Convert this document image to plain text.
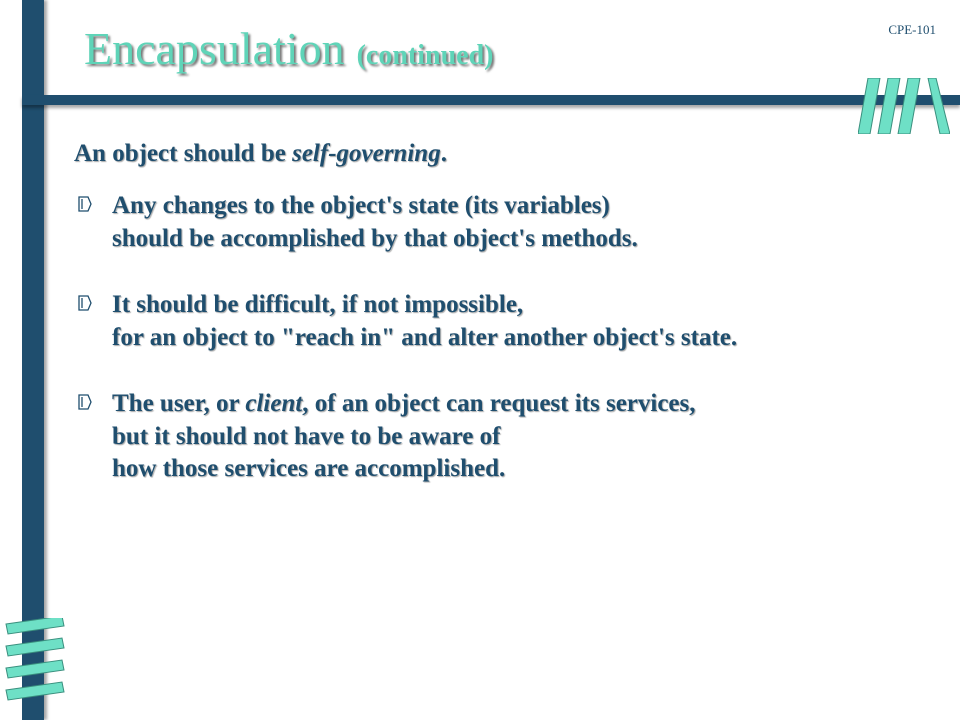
Encapsulation (continued)
CPE-101

An object should be self-governing.

Any changes to the object's state (its variables)
should be accomplished by that object's methods.
It should be difficult, if not impossible,
for an object to "reach in" and alter another object's state.
The user, or client, of an object can request its services,
but it should not have to be aware of
how those services are accomplished.
